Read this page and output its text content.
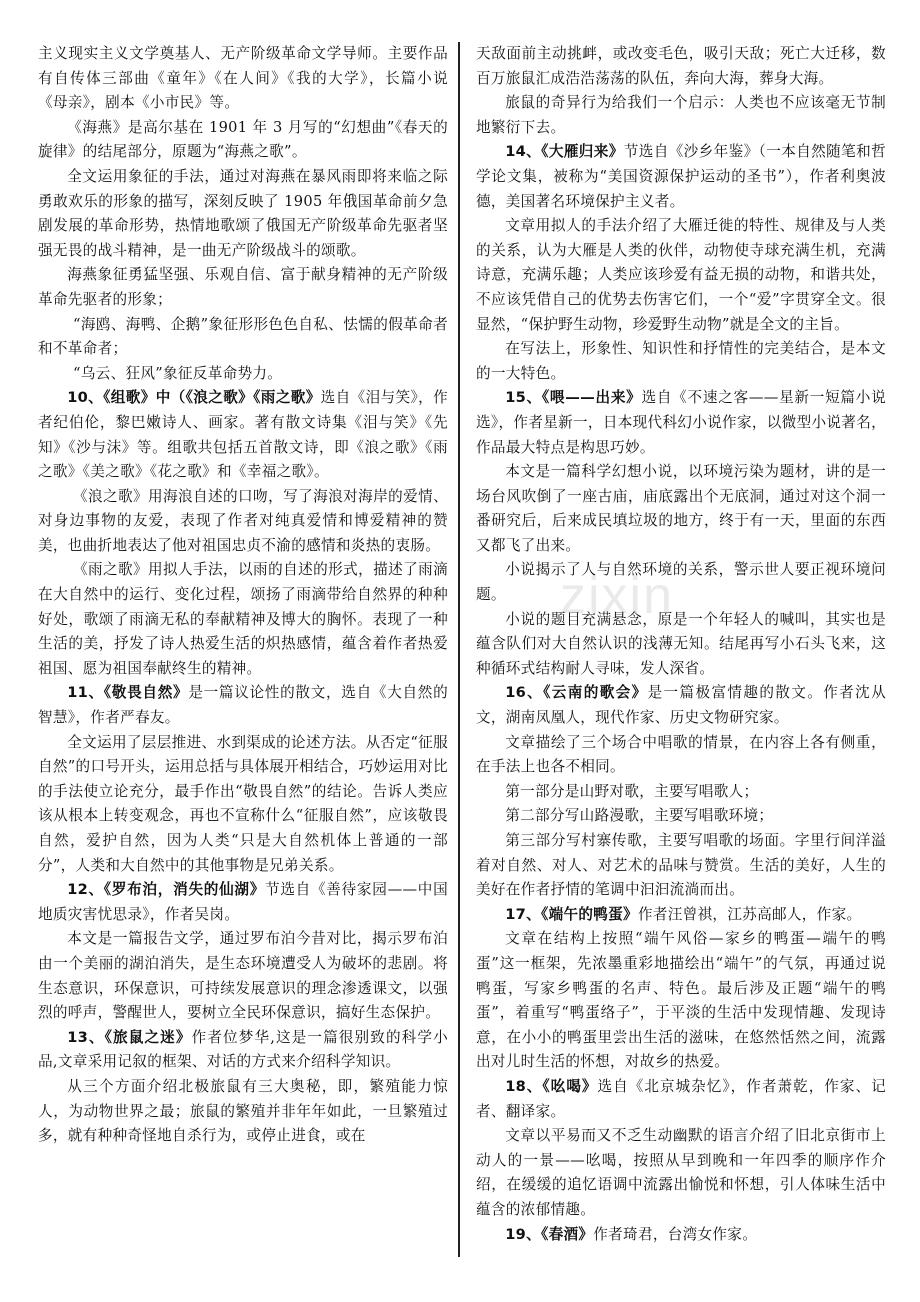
主义现实主义文学奠基人、无产阶级革命文学导师。主要作品有自传体三部曲《童年》《在人间》《我的大学》，长篇小说《母亲》，剧本《小市民》等。

《海燕》是高尔基在 1901 年 3 月写的“幻想曲”《春天的旋律》的结尾部分，原题为“海燕之歌”。

全文运用象征的手法，通过对海燕在暴风雨即将来临之际勇敢欢乐的形象的描写，深刻反映了 1905 年俄国革命前夕急剧发展的革命形势，热情地歌颂了俄国无产阶级革命先驱者坚强无畏的战斗精神，是一曲无产阶级战斗的颂歌。

海燕象征勇猛坚强、乐观自信、富于献身精神的无产阶级革命先驱者的形象；

“海鸥、海鸭、企鹅”象征形形色色自私、怯懦的假革命者和不革命者；

“乌云、狂风”象征反革命势力。

10、《组歌》中（《浪之歌》《雨之歌》选自《泪与笑》，作者纪伯伦，黎巴嫩诗人、画家。著有散文诗集《泪与笑》《先知》《沙与沫》等。组歌共包括五首散文诗，即《浪之歌》《雨之歌》《美之歌》《花之歌》和《幸福之歌》。

《浪之歌》用海浪自述的口吻，写了海浪对海岸的爱情、对身边事物的友爱，表现了作者对纯真爱情和博爱精神的赞美，也曲折地表达了他对祖国忠贞不渝的感情和炎热的衷肠。

《雨之歌》用拟人手法，以雨的自述的形式，描述了雨滴在大自然中的运行、变化过程，颂扬了雨滴带给自然界的种种好处，歌颂了雨滴无私的奉献精神及博大的胸怀。表现了一种生活的美，抒发了诗人热爱生活的炽热感情，蕴含着作者热爱祖国、愿为祖国奉献终生的精神。

11、《敬畏自然》是一篇议论性的散文，选自《大自然的智慧》，作者严春友。

全文运用了层层推进、水到渠成的论述方法。从否定“征服自然”的口号开头，运用总括与具体展开相结合，巧妙运用对比的手法使立论充分，最手作出“敬畏自然”的结论。告诉人类应该从根本上转变观念，再也不宣称什么“征服自然”，应该敬畏自然，爱护自然，因为人类“只是大自然机体上普通的一部分”，人类和大自然中的其他事物是兄弟关系。

12、《罗布泊，消失的仙湖》节选自《善待家园——中国地质灾害忧思录》，作者吴岗。

本文是一篇报告文学，通过罗布泊今昔对比，揭示罗布泊由一个美丽的湖泊消失，是生态环境遭受人为破坏的悲剧。将生态意识，环保意识，可持续发展意识的理念渗透课文，以强烈的呼声，警醒世人，要树立全民环保意识，搞好生态保护。

13、《旅鼠之迷》作者位梦华,这是一篇很别致的科学小品,文章采用记叙的框架、对话的方式来介绍科学知识。

从三个方面介绍北极旅鼠有三大奥秘，即，繁殖能力惊人，为动物世界之最；旅鼠的繁殖并非年年如此，一旦繁殖过多，就有种种奇怪地自杀行为，或停止进食，或在

天敌面前主动挑衅，或改变毛色，吸引天敌；死亡大迁移，数百万旅鼠汇成浩浩荡荡的队伍，奔向大海，葬身大海。

旅鼠的奇异行为给我们一个启示：人类也不应该毫无节制地繁衍下去。

14、《大雁归来》节选自《沙乡年鉴》（一本自然随笔和哲学论文集，被称为“美国资源保护运动的圣书”），作者利奥波德，美国著名环境保护主义者。

文章用拟人的手法介绍了大雁迁徙的特性、规律及与人类的关系，认为大雁是人类的伙伴，动物使寺球充满生机，充满诗意，充满乐趣；人类应该珍爱有益无损的动物，和谐共处，不应该凭借自己的优势去伤害它们，一个“爱”字贯穿全文。很显然，“保护野生动物，珍爱野生动物”就是全文的主旨。

在写法上，形象性、知识性和抒情性的完美结合，是本文的一大特色。

15、《喂——出来》选自《不速之客——星新一短篇小说选》，作者星新一，日本现代科幻小说作家，以微型小说著名，作品最大特点是构思巧妙。

本文是一篇科学幻想小说，以环境污染为题材，讲的是一场台风吹倒了一座古庙，庙底露出个无底洞，通过对这个洞一番研究后，后来成民填垃圾的地方，终于有一天，里面的东西又都飞了出来。

小说揭示了人与自然环境的关系，警示世人要正视环境问题。

小说的题目充满悬念，原是一个年轻人的喊叫，其实也是蕴含队们对大自然认识的浅薄无知。结尾再写小石头飞来，这种循环式结构耐人寻味，发人深省。

16、《云南的歌会》是一篇极富情趣的散文。作者沈从文，湖南凤凰人，现代作家、历史文物研究家。

文章描绘了三个场合中唱歌的情景，在内容上各有侧重，在手法上也各不相同。

第一部分是山野对歌，主要写唱歌人；

第二部分写山路漫歌，主要写唱歌环境；

第三部分写村寨传歌，主要写唱歌的场面。字里行间洋溢着对自然、对人、对艺术的品味与赞赏。生活的美好，人生的美好在作者抒情的笔调中汩汩流淌而出。

17、《端午的鸭蛋》作者汪曾祺，江苏高邮人，作家。

文章在结构上按照“端午风俗—家乡的鸭蛋—端午的鸭蛋”这一框架，先浓墨重彩地描绘出“端午”的气氛，再通过说鸭蛋，写家乡鸭蛋的名声、特色。最后涉及正题“端午的鸭蛋”，着重写“鸭蛋络子”，于平淡的生活中发现情趣、发现诗意，在小小的鸭蛋里尝出生活的滋味，在悠然恬然之间，流露出对儿时生活的怀想，对故乡的热爱。

18、《吆喝》选自《北京城杂忆》，作者萧乾，作家、记者、翻译家。

文章以平易而又不乏生动幽默的语言介绍了旧北京街市上动人的一景——吆喝，按照从早到晚和一年四季的顺序作介绍，在缓缓的追忆语调中流露出愉悦和怀想，引人体味生活中蕴含的浓郁情趣。

19、《春酒》作者琦君，台湾女作家。

zixin
